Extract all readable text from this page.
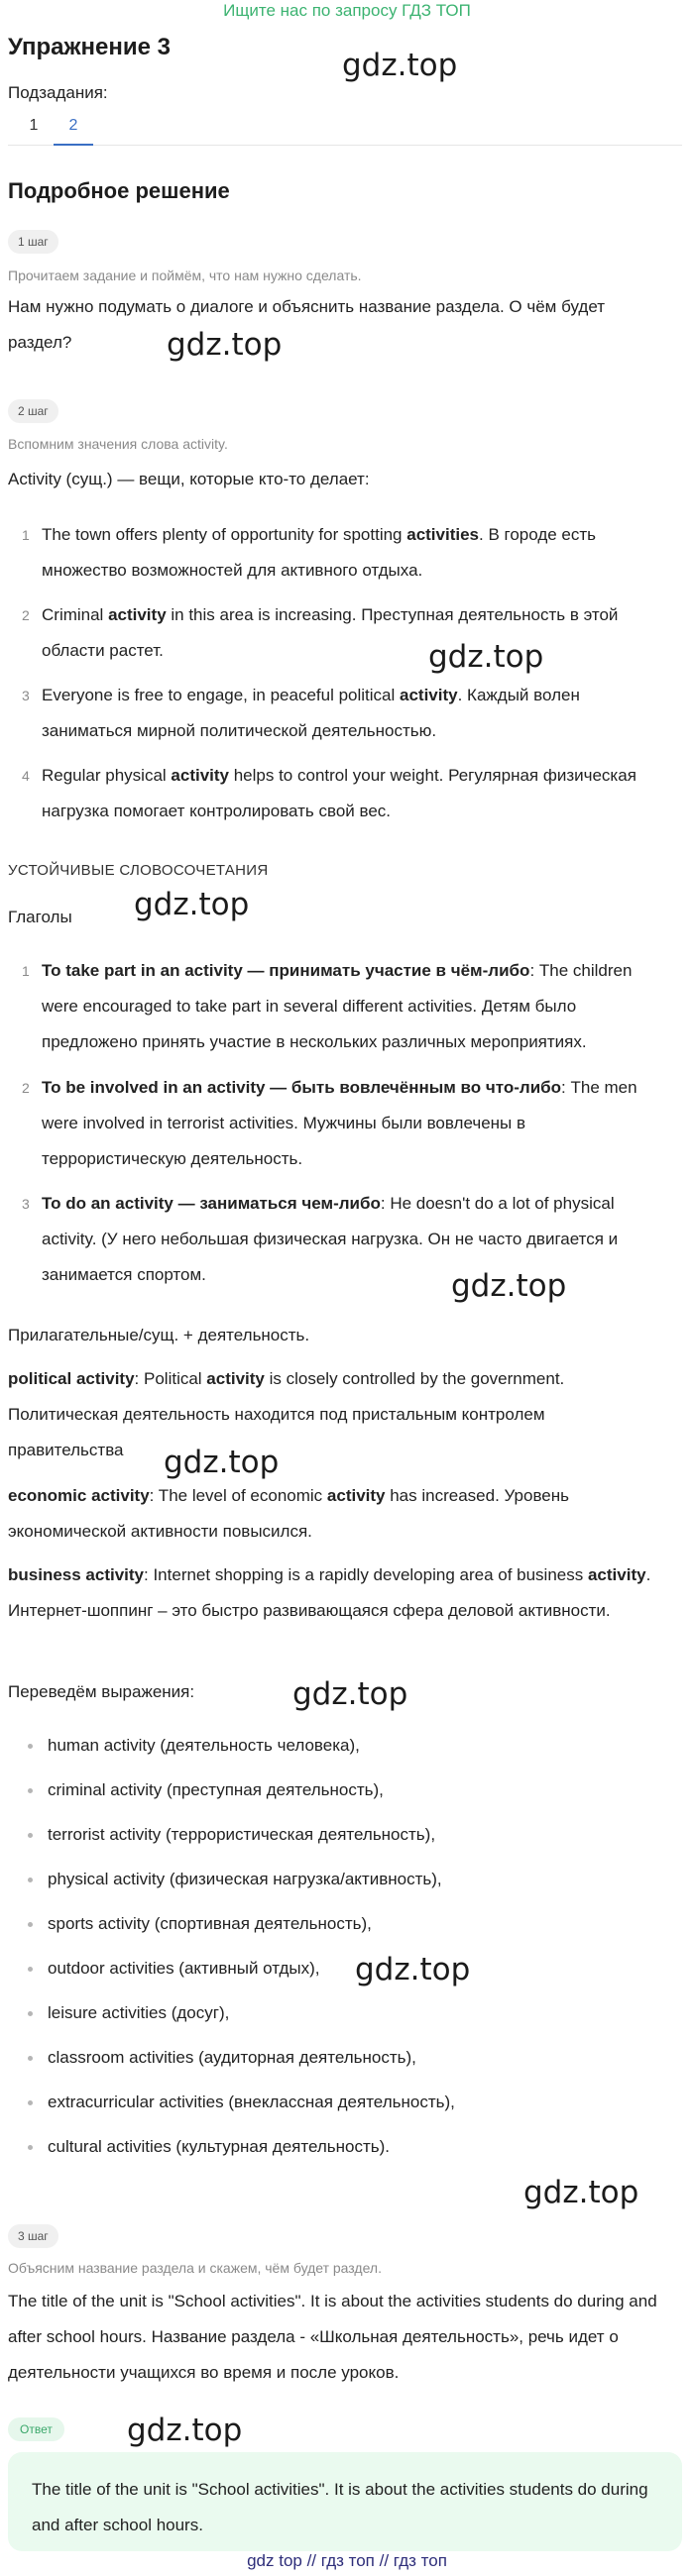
Ищите нас по запросу ГДЗ ТОП
Упражнение 3
Подзадания:
1	2
Подробное решение
1 шаг
Прочитаем задание и поймём, что нам нужно сделать.
Нам нужно подумать о диалоге и объяснить название раздела. О чём будет раздел?
2 шаг
Вспомним значения слова activity.
Activity (сущ.) — вещи, которые кто-то делает:
1 The town offers plenty of opportunity for spotting activities. В городе есть множество возможностей для активного отдыха.
2 Criminal activity in this area is increasing. Преступная деятельность в этой области растет.
3 Everyone is free to engage, in peaceful political activity. Каждый волен заниматься мирной политической деятельностью.
4 Regular physical activity helps to control your weight. Регулярная физическая нагрузка помогает контролировать свой вес.
УСТОЙЧИВЫЕ СЛОВОСОЧЕТАНИЯ
Глаголы
1 To take part in an activity — принимать участие в чём-либо: The children were encouraged to take part in several different activities. Детям было предложено принять участие в нескольких различных мероприятиях.
2 To be involved in an activity — быть вовлечённым во что-либо: The men were involved in terrorist activities. Мужчины были вовлечены в террористическую деятельность.
3 To do an activity — заниматься чем-либо: He doesn't do a lot of physical activity. (У него небольшая физическая нагрузка. Он не часто двигается и занимается спортом.
Прилагательные/сущ. + деятельность.
political activity: Political activity is closely controlled by the government. Политическая деятельность находится под пристальным контролем правительства
economic activity: The level of economic activity has increased. Уровень экономической активности повысился.
business activity: Internet shopping is a rapidly developing area of business activity. Интернет-шоппинг – это быстро развивающаяся сфера деловой активности.
Переведём выражения:
human activity (деятельность человека),
criminal activity (преступная деятельность),
terrorist activity (террористическая деятельность),
physical activity (физическая нагрузка/активность),
sports activity (спортивная деятельность),
outdoor activities (активный отдых),
leisure activities (досуг),
classroom activities (аудиторная деятельность),
extracurricular activities (внеклассная деятельность),
cultural activities (культурная деятельность).
3 шаг
Объясним название раздела и скажем, чём будет раздел.
The title of the unit is "School activities". It is about the activities students do during and after school hours. Название раздела - «Школьная деятельность», речь идет о деятельности учащихся во время и после уроков.
Ответ
The title of the unit is "School activities". It is about the activities students do during and after school hours.
gdz.top
gdz.top
gdz.top
gdz.top
gdz.top
gdz.top
gdz.top
gdz.top
gdz.top
gdz.top
gdz top // гдз топ // гдз топ
